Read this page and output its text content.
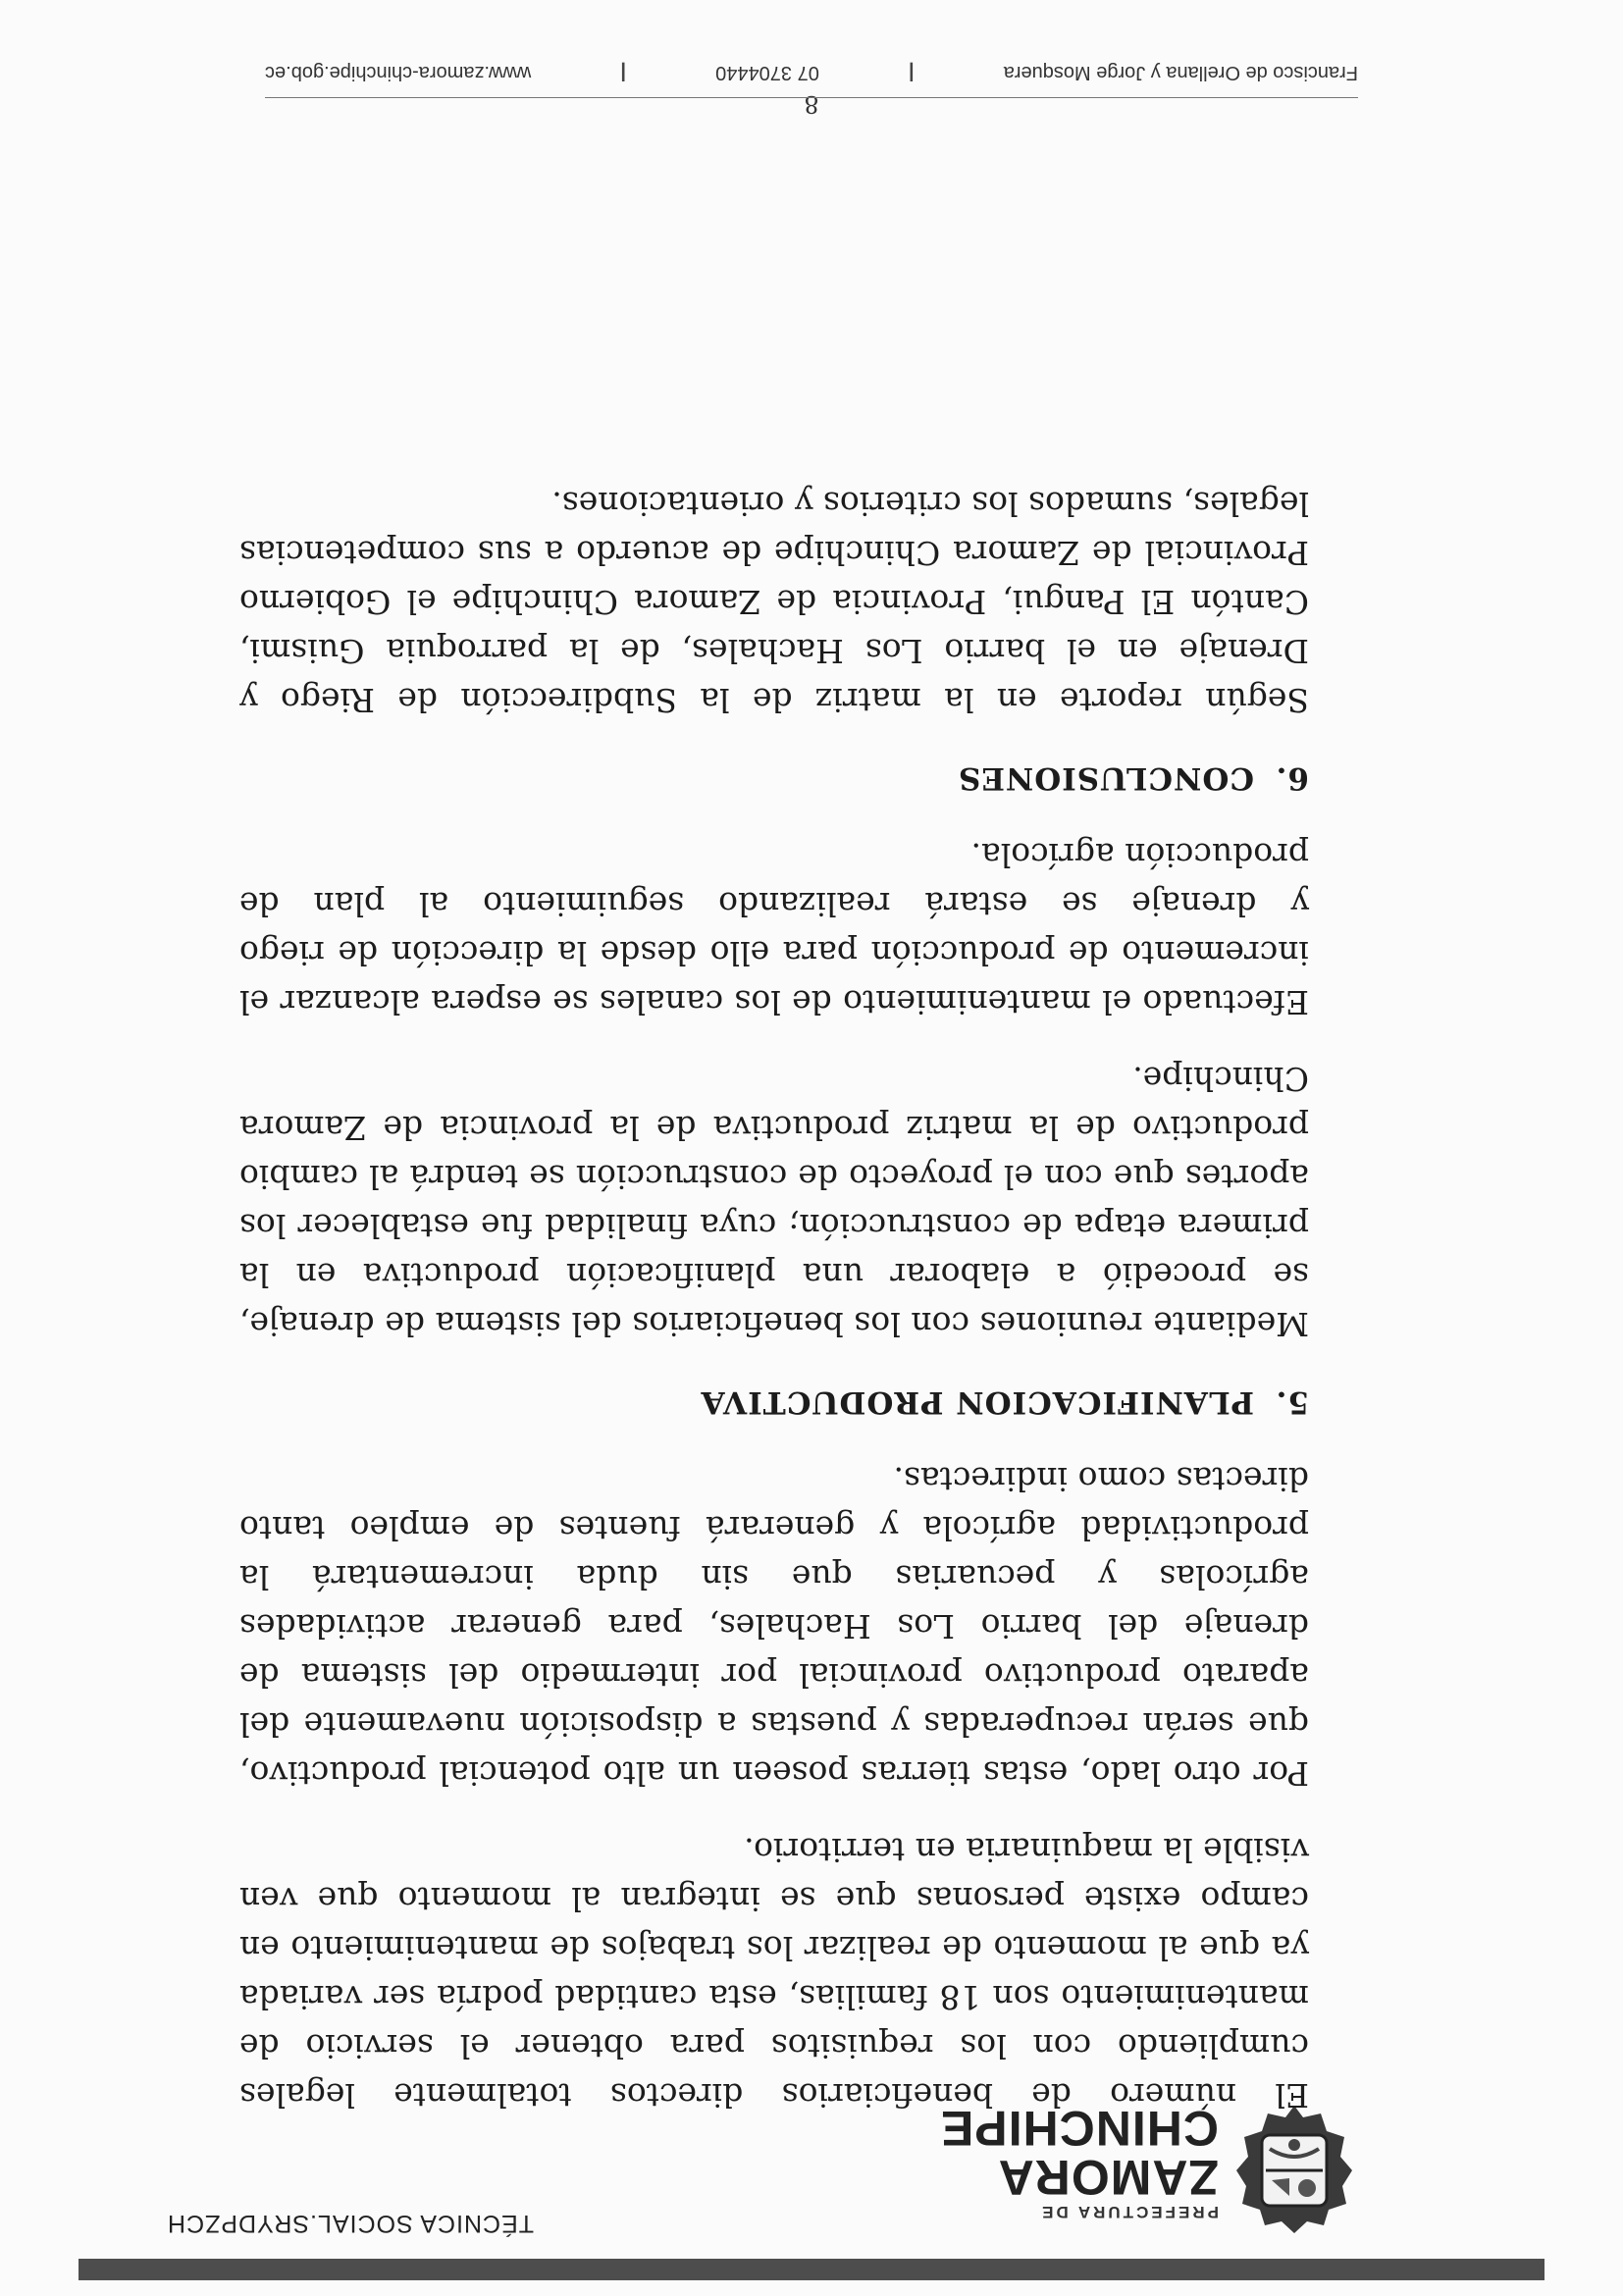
PREFECTURA DE
ZAMORA
CHINCHIPE
TÉCNICA SOCIAL.SRYDPZCH

El número de beneficiarios directos totalmente legales cumpliendo con los requisitos para obtener el servicio de mantenimiento son 18 familias, esta cantidad podría ser variada ya que al momento de realizar los trabajos de mantenimiento en campo existe personas que se integran al momento que ven visible la maquinaria en territorio.

Por otro lado, estas tierras poseen un alto potencial productivo, que serán recuperadas y puestas a disposición nuevamente del aparato productivo provincial por intermedio del sistema de drenaje del barrio Los Hachales, para generar actividades agrícolas y pecuarias que sin duda incrementará la productividad agrícola y generará fuentes de empleo tanto directas como indirectas.

5.PLANIFICACION PRODUCTIVA

Mediante reuniones con los beneficiarios del sistema de drenaje, se procedió a elaborar una planificación productiva en la primera etapa de construcción; cuya finalidad fue establecer los aportes que con el proyecto de construcción se tendrá al cambio productivo de la matriz productiva de la provincia de Zamora Chinchipe.

Efectuado el mantenimiento de los canales se espera alcanzar el incremento de producción para ello desde la dirección de riego y drenaje se estará realizando seguimiento al plan de producción agrícola.

6.CONCLUSIONES

Según reporte en la matriz de la Subdirección de Riego y Drenaje en el barrio Los Hachales, de la parroquia Guismi, Cantón El Pangui, Provincia de Zamora Chinchipe el Gobierno Provincial de Zamora Chinchipe de acuerdo a sus competencias legales, sumados los criterios y orientaciones.

8
Francisco de Orellana y Jorge Mosquera
|
07 3704440
|
www.zamora-chinchipe.gob.ec
